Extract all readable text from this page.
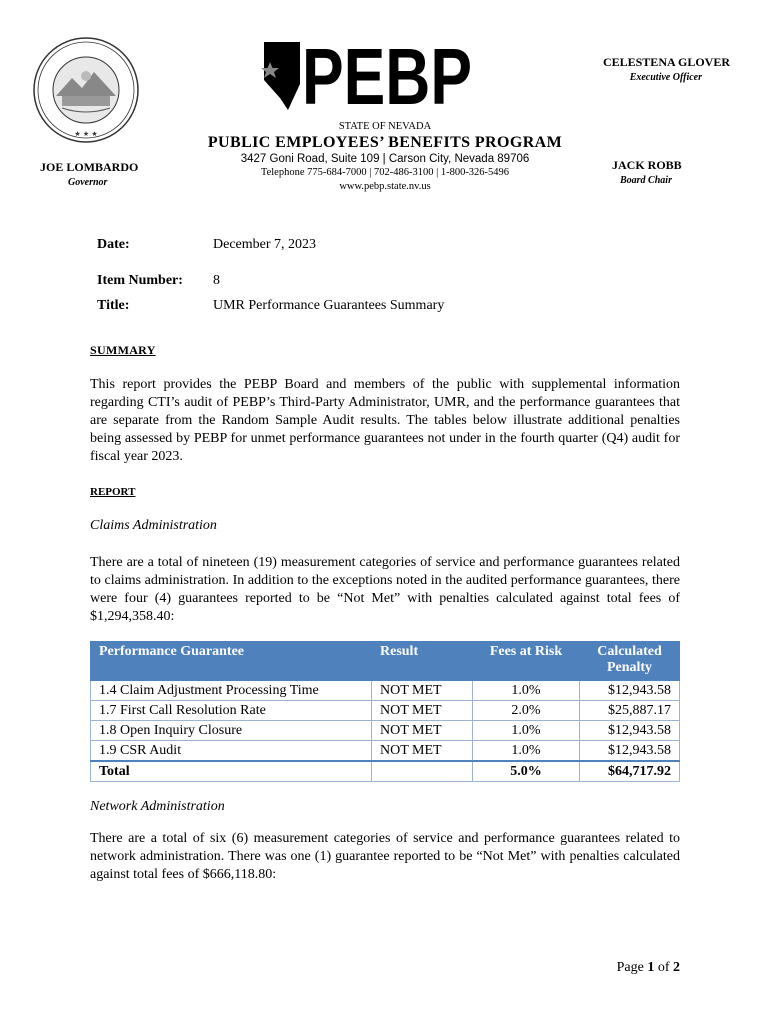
★ ★ ★
PEBP	CELESTENA GLOVER
Executive Officer
STATE OF NEVADA
PUBLIC EMPLOYEES’ BENEFITS PROGRAM
3427 Goni Road, Suite 109 | Carson City, Nevada 89706
Telephone 775-684-7000 | 702-486-3100 | 1-800-326-5496
www.pebp.state.nv.us
JOE LOMBARDO
Governor
JACK ROBB
Board Chair
Date:	December 7, 2023
Item Number: 8
Title:	UMR Performance Guarantees Summary
SUMMARY
This report provides the PEBP Board and members of the public with supplemental information regarding CTI’s audit of PEBP’s Third-Party Administrator, UMR, and the performance guarantees that are separate from the Random Sample Audit results. The tables below illustrate additional penalties being assessed by PEBP for unmet performance guarantees not under in the fourth quarter (Q4) audit for fiscal year 2023.
REPORT
Claims Administration
There are a total of nineteen (19) measurement categories of service and performance guarantees related to claims administration. In addition to the exceptions noted in the audited performance guarantees, there were four (4) guarantees reported to be “Not Met” with penalties calculated against total fees of $1,294,358.40:
Performance Guarantee	Result	Fees at Risk	Calculated Penalty
1.4 Claim Adjustment Processing Time	NOT MET	1.0%	$12,943.58
1.7 First Call Resolution Rate	NOT MET	2.0%	$25,887.17
1.8 Open Inquiry Closure	NOT MET	1.0%	$12,943.58
1.9 CSR Audit	NOT MET	1.0%	$12,943.58
Total		5.0%	$64,717.92
Network Administration
There are a total of six (6) measurement categories of service and performance guarantees related to network administration. There was one (1) guarantee reported to be “Not Met” with penalties calculated against total fees of $666,118.80:
Page 1 of 2
